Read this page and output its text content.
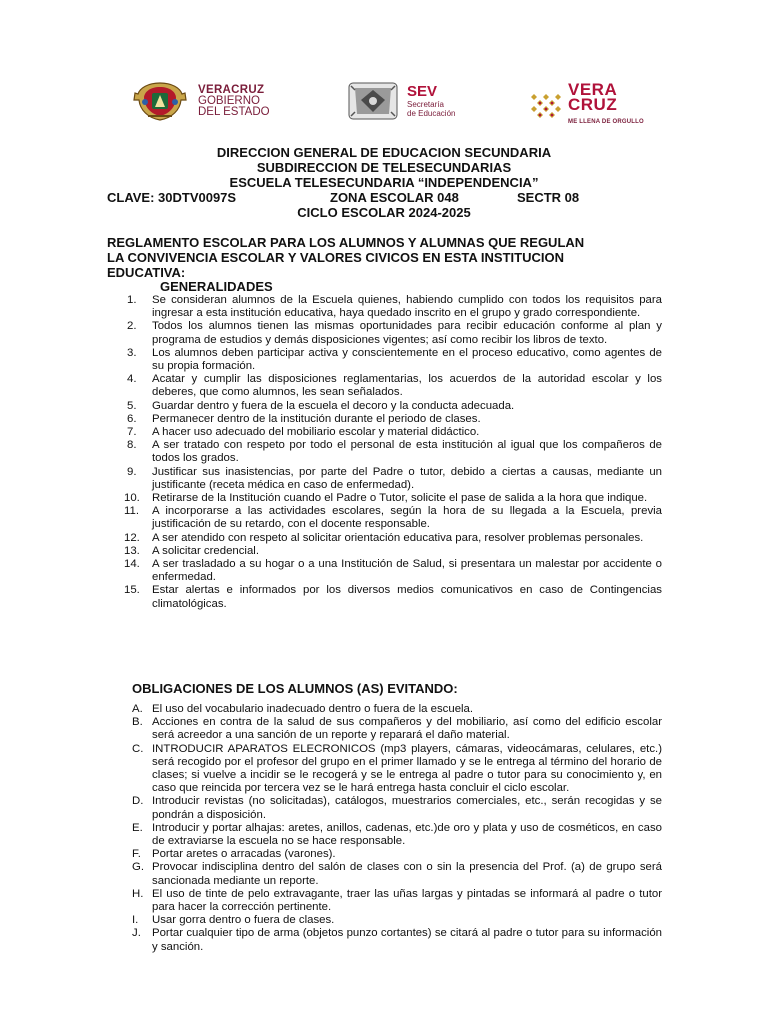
VERACRUZ
GOBIERNO
DEL ESTADO
SEV
Secretaría
de Educación
VERA
CRUZ
ME LLENA DE ORGULLO
DIRECCION GENERAL DE EDUCACION SECUNDARIA
SUBDIRECCION DE TELESECUNDARIAS
ESCUELA TELESECUNDARIA “INDEPENDENCIA”
CLAVE: 30DTV0097S	ZONA ESCOLAR 048	SECTR 08
CICLO ESCOLAR 2024-2025
REGLAMENTO ESCOLAR PARA LOS ALUMNOS Y ALUMNAS QUE REGULAN
LA CONVIVENCIA ESCOLAR Y VALORES CIVICOS EN ESTA INSTITUCION
EDUCATIVA:
GENERALIDADES
1.	Se consideran alumnos de la Escuela quienes, habiendo cumplido con todos los requisitos para ingresar a esta institución educativa, haya quedado inscrito en el grupo y grado correspondiente.
2.	Todos los alumnos tienen las mismas oportunidades para recibir educación conforme al plan y programa de estudios y demás disposiciones vigentes; así como recibir los libros de texto.
3.	Los alumnos deben participar activa y conscientemente en el proceso educativo, como agentes de su propia formación.
4.	Acatar y cumplir las disposiciones reglamentarias, los acuerdos de la autoridad escolar y los deberes, que como alumnos, les sean señalados.
5.	Guardar dentro y fuera de la escuela el decoro y la conducta adecuada.
6.	Permanecer dentro de la institución durante el periodo de clases.
7.	A hacer uso adecuado del mobiliario escolar y material didáctico.
8.	A ser tratado con respeto por todo el personal de esta institución al igual que los compañeros de todos los grados.
9.	Justificar sus inasistencias, por parte del Padre o tutor, debido a ciertas a causas, mediante un justificante (receta médica en caso de enfermedad).
10.	Retirarse de la Institución cuando el Padre o Tutor, solicite el pase de salida a la hora que indique.
11.	A incorporarse a las actividades escolares, según la hora de su llegada a la Escuela, previa justificación de su retardo, con el docente responsable.
12.	A ser atendido con respeto al solicitar orientación educativa para, resolver problemas personales.
13.	A solicitar credencial.
14.	A ser trasladado a su hogar o a una Institución de Salud, si presentara un malestar por accidente o enfermedad.
15.	Estar alertas e informados por los diversos medios comunicativos en caso de Contingencias climatológicas.
OBLIGACIONES DE LOS ALUMNOS (AS) EVITANDO:
A. El uso del vocabulario inadecuado dentro o fuera de la escuela.
B. Acciones en contra de la salud de sus compañeros y del mobiliario, así como del edificio escolar será acreedor a una sanción de un reporte y reparará el daño material.
C. INTRODUCIR APARATOS ELECRONICOS (mp3 players, cámaras, videocámaras, celulares, etc.) será recogido por el profesor del grupo en el primer llamado y se le entrega al término del horario de clases; si vuelve a incidir se le recogerá y se le entrega al padre o tutor para su conocimiento y, en caso que reincida por tercera vez se le hará entrega hasta concluir el ciclo escolar.
D. Introducir revistas (no solicitadas), catálogos, muestrarios comerciales, etc., serán recogidas y se pondrán a disposición.
E. Introducir y portar alhajas: aretes, anillos, cadenas, etc.)de oro y plata y uso de cosméticos, en caso de extraviarse la escuela no se hace responsable.
F. Portar aretes o arracadas (varones).
G. Provocar indisciplina dentro del salón de clases con o sin la presencia del Prof. (a) de grupo será sancionada mediante un reporte.
H. El uso de tinte de pelo extravagante, traer las uñas largas y pintadas se informará al padre o tutor para hacer la corrección pertinente.
I.	Usar gorra dentro o fuera de clases.
J. Portar cualquier tipo de arma (objetos punzo cortantes) se citará al padre o tutor para su información y sanción.
